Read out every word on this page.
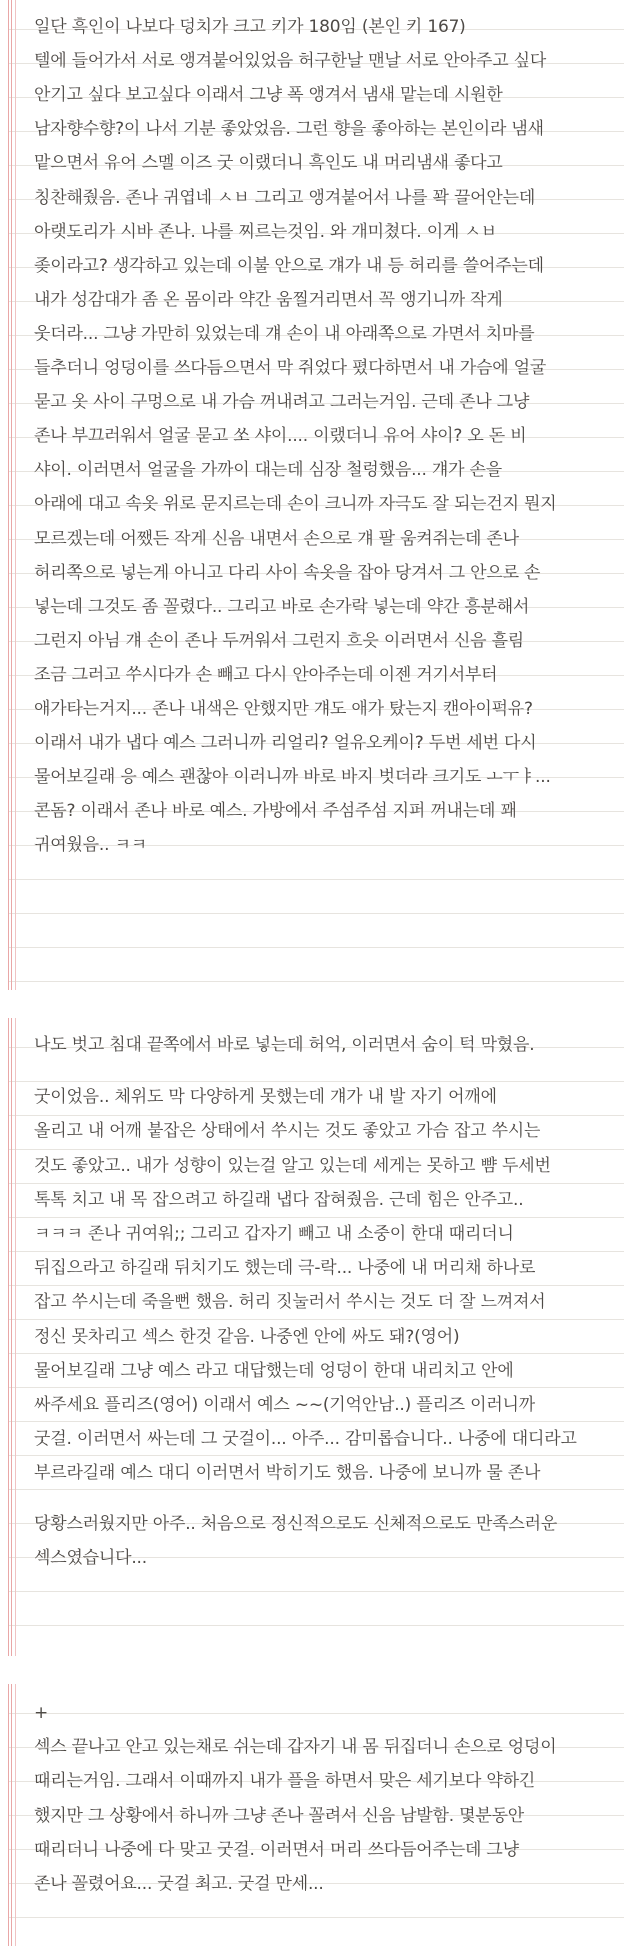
일단 흑인이 나보다 덩치가 크고 키가 180임 (본인 키 167)
텔에 들어가서 서로 앵겨붙어있었음 허구한날 맨날 서로 안아주고 싶다
안기고 싶다 보고싶다 이래서 그냥 폭 앵겨서 냄새 맡는데 시원한
남자향수향?이 나서 기분 좋았었음. 그런 향을 좋아하는 본인이라 냄새
맡으면서 유어 스멜 이즈 굿 이랬더니 흑인도 내 머리냄새 좋다고
칭찬해줬음. 존나 귀엽네 ㅅㅂ 그리고 앵겨붙어서 나를 꽉 끌어안는데
아랫도리가 시바 존나. 나를 찌르는것임. 와 개미쳤다. 이게 ㅅㅂ
좆이라고? 생각하고 있는데 이불 안으로 걔가 내 등 허리를 쓸어주는데
내가 성감대가 좀 온 몸이라 약간 움찔거리면서 꼭 앵기니까 작게
웃더라... 그냥 가만히 있었는데 걔 손이 내 아래쪽으로 가면서 치마를
들추더니 엉덩이를 쓰다듬으면서 막 쥐었다 폈다하면서 내 가슴에 얼굴
묻고 옷 사이 구멍으로 내 가슴 꺼내려고 그러는거임. 근데 존나 그냥
존나 부끄러워서 얼굴 묻고 쏘 샤이.... 이랬더니 유어 샤이? 오 돈 비
샤이. 이러면서 얼굴을 가까이 대는데 심장 철렁했음... 걔가 손을
아래에 대고 속옷 위로 문지르는데 손이 크니까 자극도 잘 되는건지 뭔지
모르겠는데 어쨌든 작게 신음 내면서 손으로 걔 팔 움켜쥐는데 존나
허리쪽으로 넣는게 아니고 다리 사이 속옷을 잡아 당겨서 그 안으로 손
넣는데 그것도 좀 꼴렸다.. 그리고 바로 손가락 넣는데 약간 흥분해서
그런지 아님 걔 손이 존나 두꺼워서 그런지 흐읏 이러면서 신음 흘림
조금 그러고 쑤시다가 손 빼고 다시 안아주는데 이젠 거기서부터
애가타는거지... 존나 내색은 안했지만 걔도 애가 탔는지 캔아이퍽유?
이래서 내가 냅다 예스 그러니까 리얼리? 얼유오케이? 두번 세번 다시
물어보길래 응 예스 괜찮아 이러니까 바로 바지 벗더라 크기도 ㅗㅜㅑ...
콘돔? 이래서 존나 바로 예스. 가방에서 주섬주섬 지퍼 꺼내는데 꽤
귀여웠음.. ㅋㅋ
나도 벗고 침대 끝쪽에서 바로 넣는데 허억, 이러면서 숨이 턱 막혔음.
굿이었음.. 체위도 막 다양하게 못했는데 걔가 내 발 자기 어깨에
올리고 내 어깨 붙잡은 상태에서 쑤시는 것도 좋았고 가슴 잡고 쑤시는
것도 좋았고.. 내가 성향이 있는걸 알고 있는데 세게는 못하고 뺨 두세번
톡톡 치고 내 목 잡으려고 하길래 냅다 잡혀줬음. 근데 힘은 안주고..
ㅋㅋㅋ 존나 귀여워;; 그리고 갑자기 빼고 내 소중이 한대 때리더니
뒤집으라고 하길래 뒤치기도 했는데 극-락... 나중에 내 머리채 하나로
잡고 쑤시는데 죽을뻔 했음. 허리 짓눌러서 쑤시는 것도 더 잘 느껴져서
정신 못차리고 섹스 한것 같음. 나중엔 안에 싸도 돼?(영어)
물어보길래 그냥 예스 라고 대답했는데 엉덩이 한대 내리치고 안에
싸주세요 플리즈(영어) 이래서 예스 ~~(기억안남..) 플리즈 이러니까
굿걸. 이러면서 싸는데 그 굿걸이... 아주... 감미롭습니다.. 나중에 대디라고
부르라길래 예스 대디 이러면서 박히기도 했음. 나중에 보니까 물 존나
당황스러웠지만 아주.. 처음으로 정신적으로도 신체적으로도 만족스러운
섹스였습니다...
+
섹스 끝나고 안고 있는채로 쉬는데 갑자기 내 몸 뒤집더니 손으로 엉덩이
때리는거임. 그래서 이때까지 내가 플을 하면서 맞은 세기보다 약하긴
했지만 그 상황에서 하니까 그냥 존나 꼴려서 신음 남발함. 몇분동안
때리더니 나중에 다 맞고 굿걸. 이러면서 머리 쓰다듬어주는데 그냥
존나 꼴렸어요... 굿걸 최고. 굿걸 만세...
